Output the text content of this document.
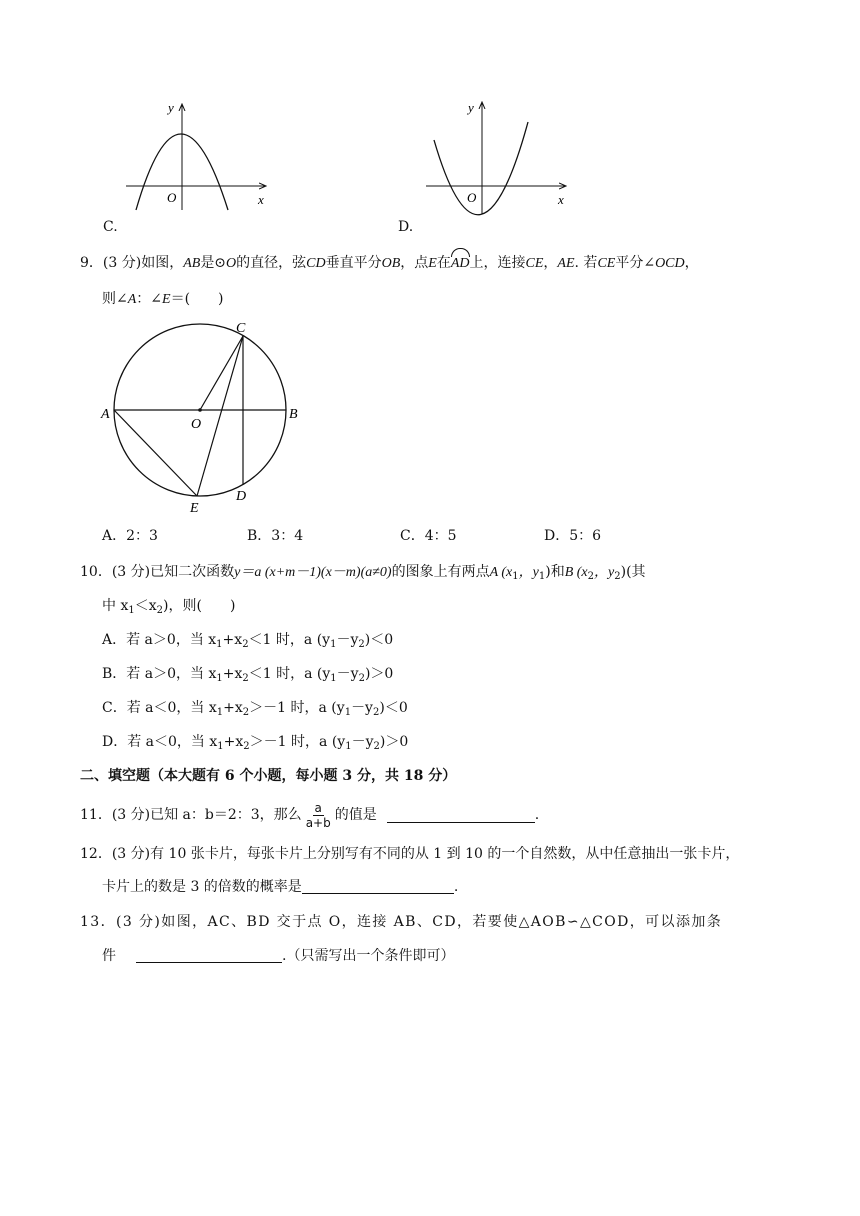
y
x
O
C.
y
x
O
D.
9．(3 分)如图，AB是⊙O的直径，弦CD垂直平分OB，点E在AD上，连接CE，AE. 若CE平分∠OCD，
则∠A：∠E＝(　　)
C
A
O
B
E
D
A．2：3	B．3：4	C．4：5	D．5：6
10．(3 分)已知二次函数y＝a (x+m－1)(x－m)(a≠0)的图象上有两点A ($x_1$，$y_1$)和B ($x_2$，$y_2$)(其
中 $x_1<x_2$)，则(　　)
A．若 a＞0，当 $x_1+x_2<1$ 时，a $(y_1-y_2)<0$
B．若 a＞0，当 $x_1+x_2<1$ 时，a $(y_1-y_2)>0$
C．若 a＜0，当 $x_1+x_2>-1$ 时，a $(y_1-y_2)<0$
D．若 a＜0，当 $x_1+x_2>-1$ 时，a $(y_1-y_2)>0$
二、填空题（本大题有 6 个小题，每小题 3 分，共 18 分）
11．(3 分) 已知 a：b＝2：3，那么 $\frac{a}{a+b}$ 的值是	.
12．(3 分)有 10 张卡片，每张卡片上分别写有不同的从 1 到 10 的一个自然数，从中任意抽出一张卡片，
卡片上的数是 3 的倍数的概率是	.
13．(3 分)如图，AC、BD 交于点 O，连接 AB、CD，若要使△AOB∽△COD，可以添加条
件	.（只需写出一个条件即可）
